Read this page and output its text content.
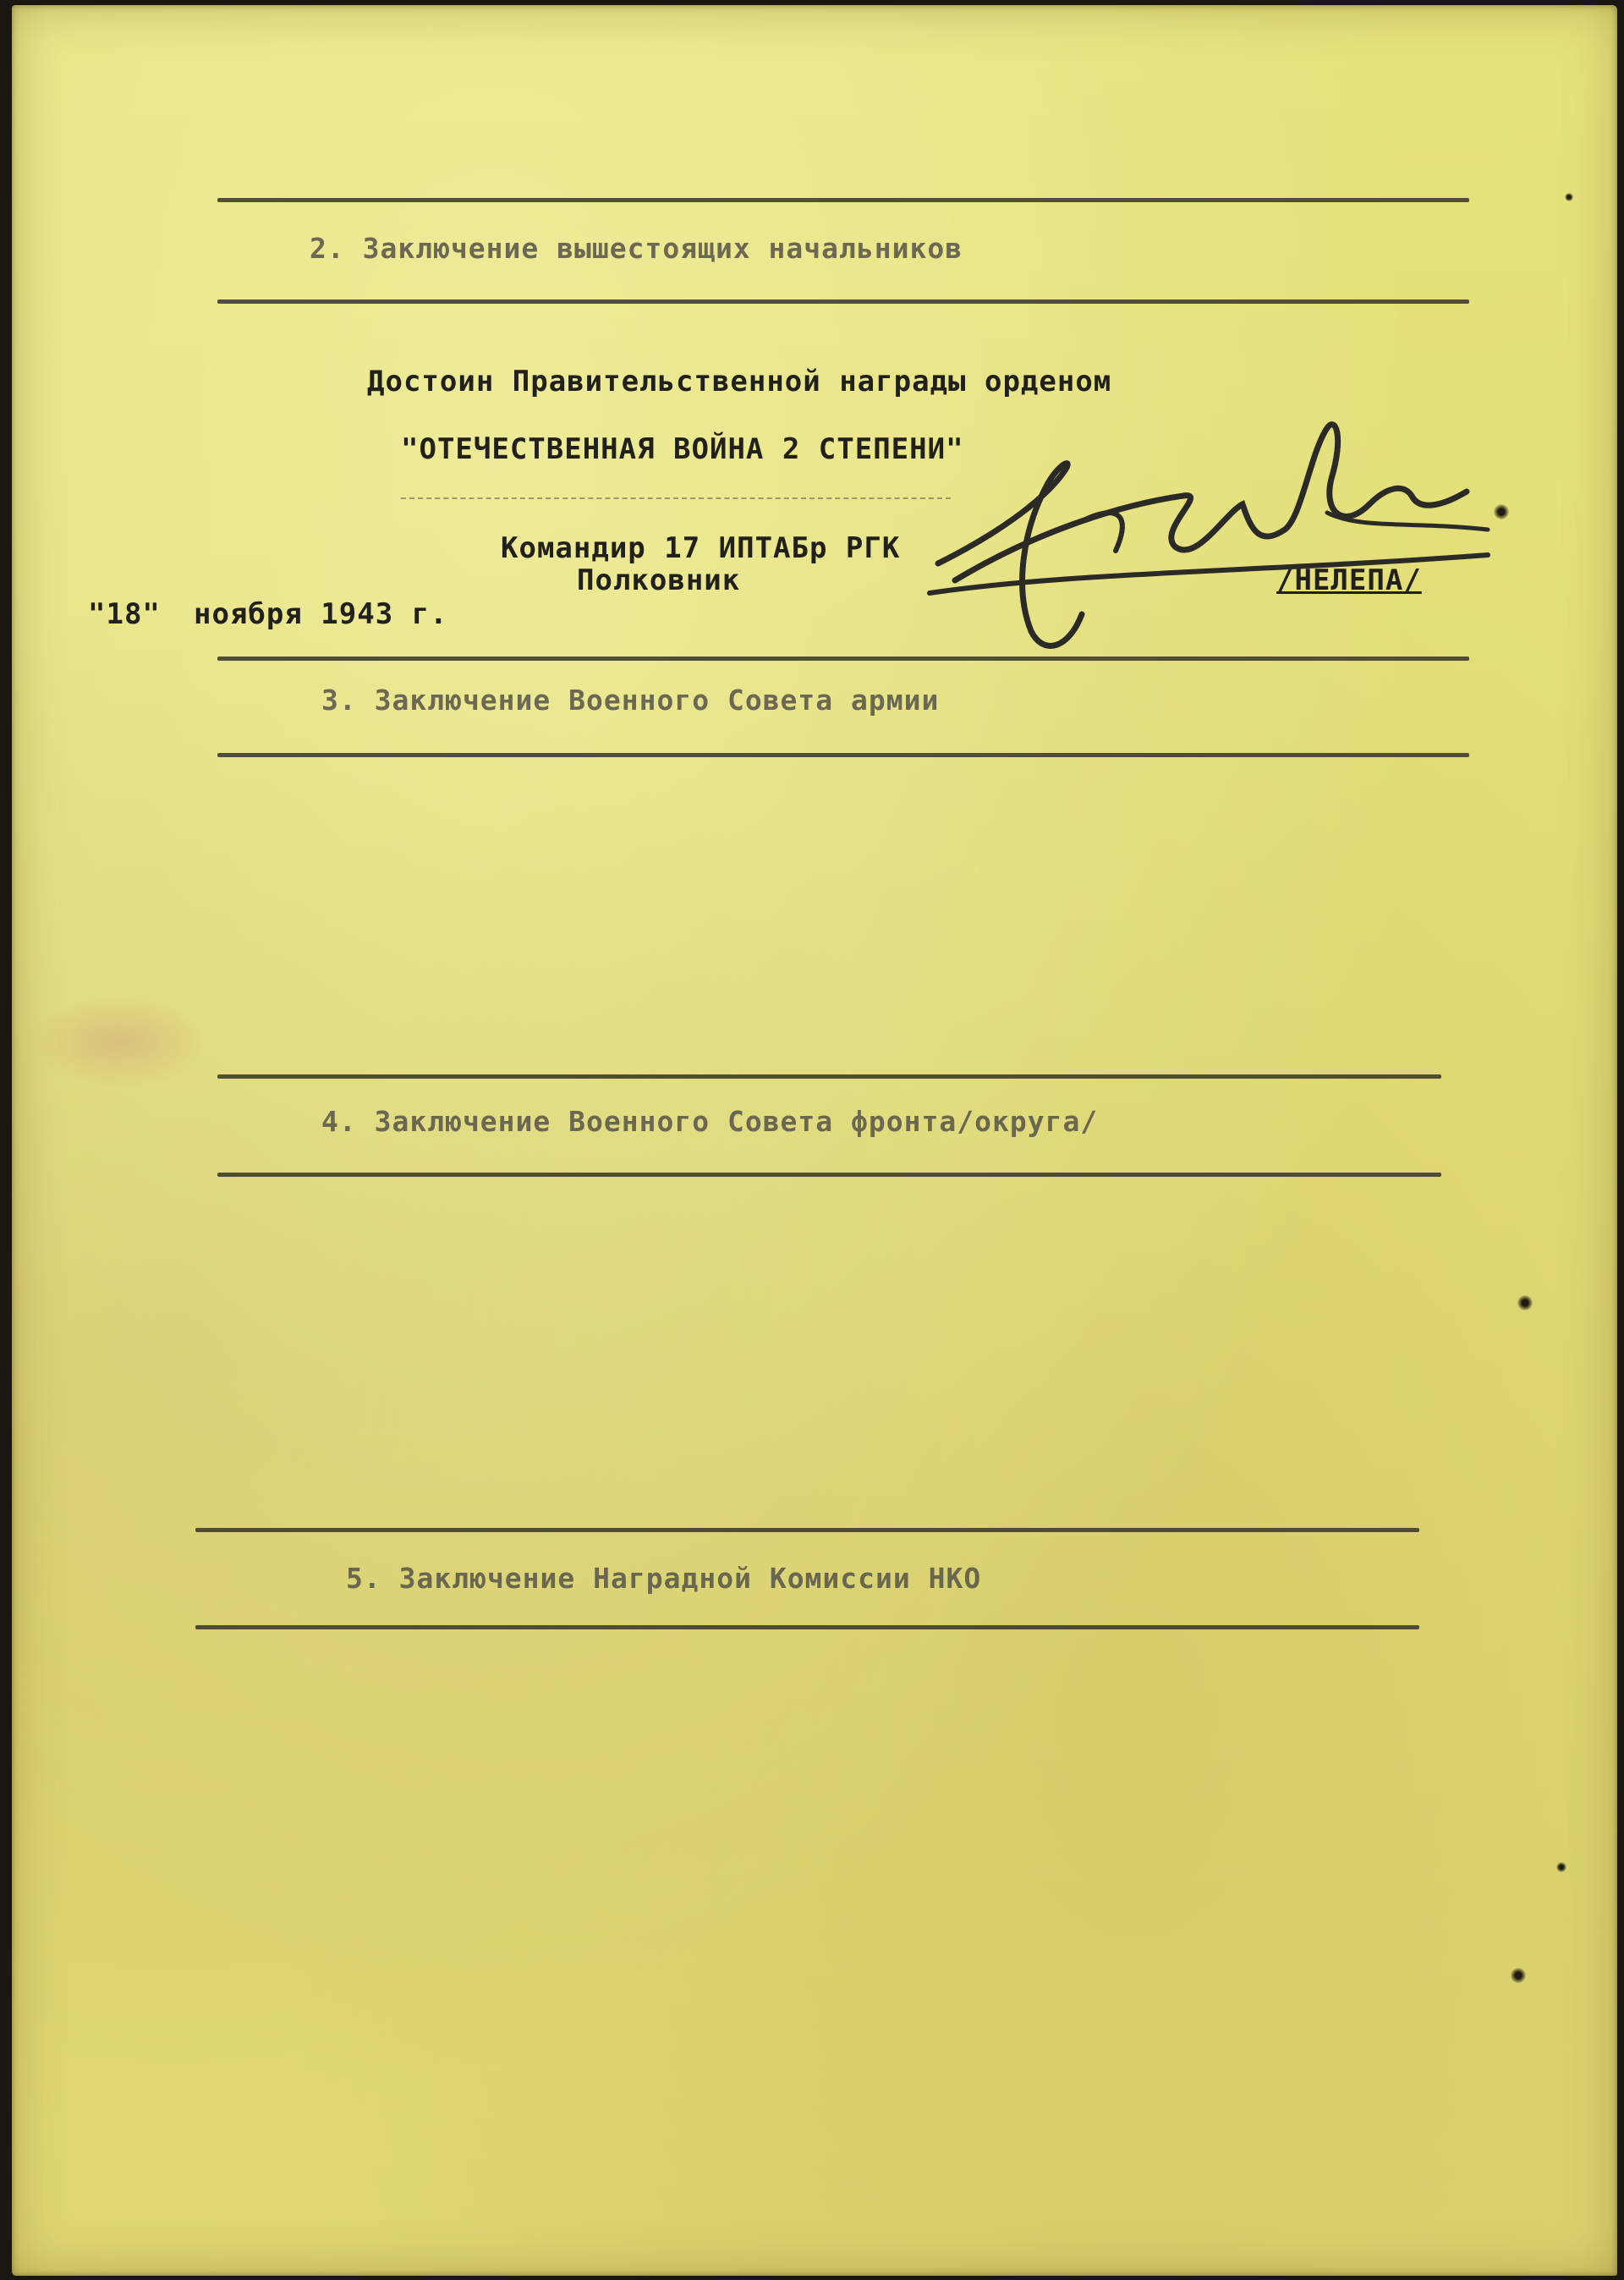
2. Заключение вышестоящих начальников
Достоин Правительственной награды орденом
"ОТЕЧЕСТВЕННАЯ ВОЙНА 2 СТЕПЕНИ"
Командир 17 ИПТАБр РГК
Полковник	/НЕЛЕПА/
"18" ноября 1943 г.
3. Заключение Военного Совета армии
4. Заключение Военного Совета фронта/округа/
5. Заключение Наградной Комиссии НКО
